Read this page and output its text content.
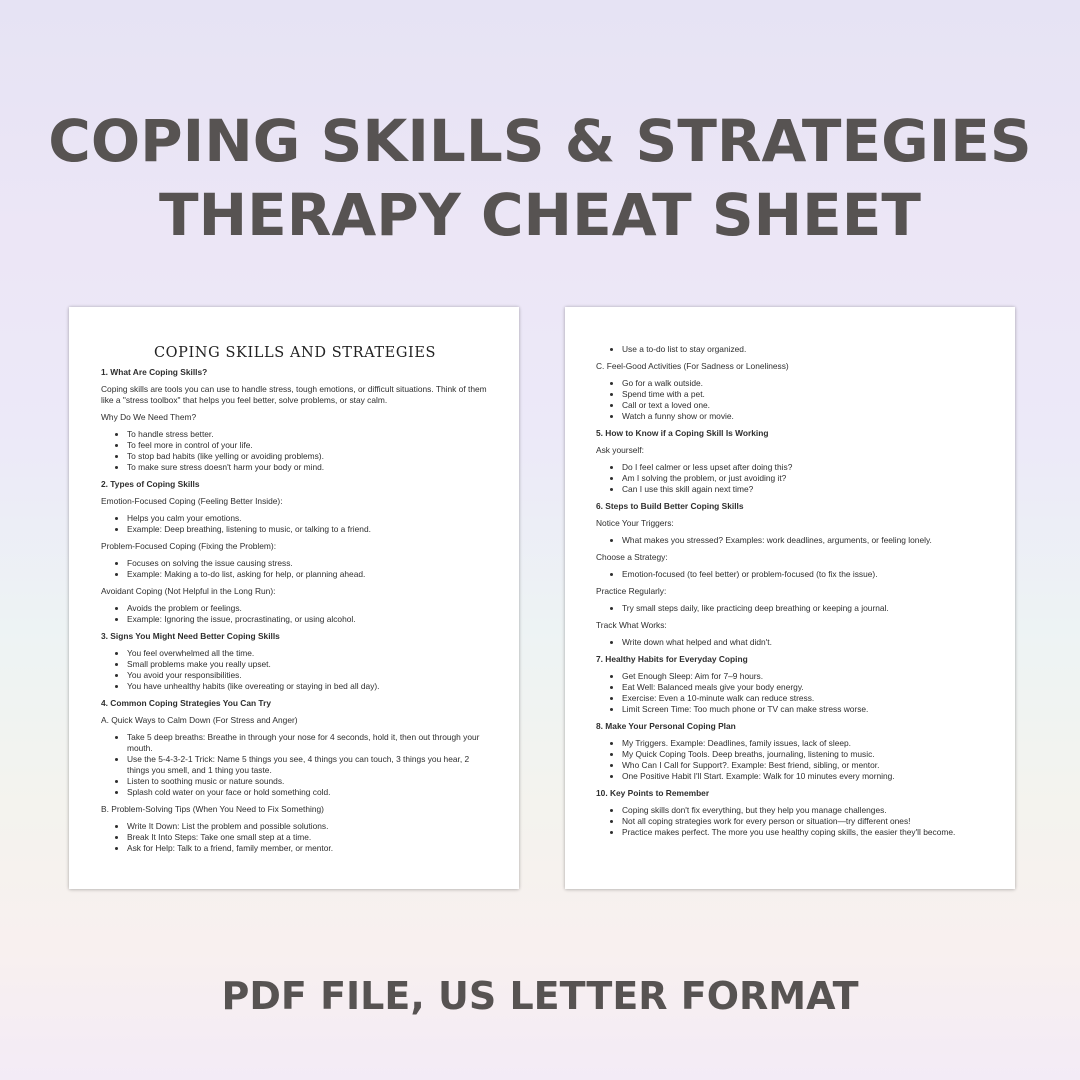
COPING SKILLS & STRATEGIES
THERAPY CHEAT SHEET
COPING SKILLS AND STRATEGIES
1. What Are Coping Skills?

Coping skills are tools you can use to handle stress, tough emotions, or difficult situations. Think of them like a "stress toolbox" that helps you feel better, solve problems, or stay calm.

Why Do We Need Them?

• To handle stress better.
• To feel more in control of your life.
• To stop bad habits (like yelling or avoiding problems).
• To make sure stress doesn't harm your body or mind.
2. Types of Coping Skills

Emotion-Focused Coping (Feeling Better Inside):

• Helps you calm your emotions.
• Example: Deep breathing, listening to music, or talking to a friend.

Problem-Focused Coping (Fixing the Problem):

• Focuses on solving the issue causing stress.
• Example: Making a to-do list, asking for help, or planning ahead.

Avoidant Coping (Not Helpful in the Long Run):

• Avoids the problem or feelings.
• Example: Ignoring the issue, procrastinating, or using alcohol.
3. Signs You Might Need Better Coping Skills
• You feel overwhelmed all the time.
• Small problems make you really upset.
• You avoid your responsibilities.
• You have unhealthy habits (like overeating or staying in bed all day).
4. Common Coping Strategies You Can Try

A. Quick Ways to Calm Down (For Stress and Anger)

• Take 5 deep breaths: Breathe in through your nose for 4 seconds, hold it, then out through your mouth.
• Use the 5-4-3-2-1 Trick: Name 5 things you see, 4 things you can touch, 3 things you hear, 2 things you smell, and 1 thing you taste.
• Listen to soothing music or nature sounds.
• Splash cold water on your face or hold something cold.

B. Problem-Solving Tips (When You Need to Fix Something)

• Write It Down: List the problem and possible solutions.
• Break It Into Steps: Take one small step at a time.
• Ask for Help: Talk to a friend, family member, or mentor.
• Use a to-do list to stay organized.

C. Feel-Good Activities (For Sadness or Loneliness)

• Go for a walk outside.
• Spend time with a pet.
• Call or text a loved one.
• Watch a funny show or movie.
5. How to Know if a Coping Skill Is Working

Ask yourself:

• Do I feel calmer or less upset after doing this?
• Am I solving the problem, or just avoiding it?
• Can I use this skill again next time?
6. Steps to Build Better Coping Skills

Notice Your Triggers:

• What makes you stressed? Examples: work deadlines, arguments, or feeling lonely.

Choose a Strategy:

• Emotion-focused (to feel better) or problem-focused (to fix the issue).

Practice Regularly:

• Try small steps daily, like practicing deep breathing or keeping a journal.

Track What Works:

• Write down what helped and what didn't.
7. Healthy Habits for Everyday Coping
• Get Enough Sleep: Aim for 7–9 hours.
• Eat Well: Balanced meals give your body energy.
• Exercise: Even a 10-minute walk can reduce stress.
• Limit Screen Time: Too much phone or TV can make stress worse.
8. Make Your Personal Coping Plan
• My Triggers. Example: Deadlines, family issues, lack of sleep.
• My Quick Coping Tools. Deep breaths, journaling, listening to music.
• Who Can I Call for Support?. Example: Best friend, sibling, or mentor.
• One Positive Habit I'll Start. Example: Walk for 10 minutes every morning.
10. Key Points to Remember
• Coping skills don't fix everything, but they help you manage challenges.
• Not all coping strategies work for every person or situation—try different ones!
• Practice makes perfect. The more you use healthy coping skills, the easier they'll become.
PDF FILE, US LETTER FORMAT
